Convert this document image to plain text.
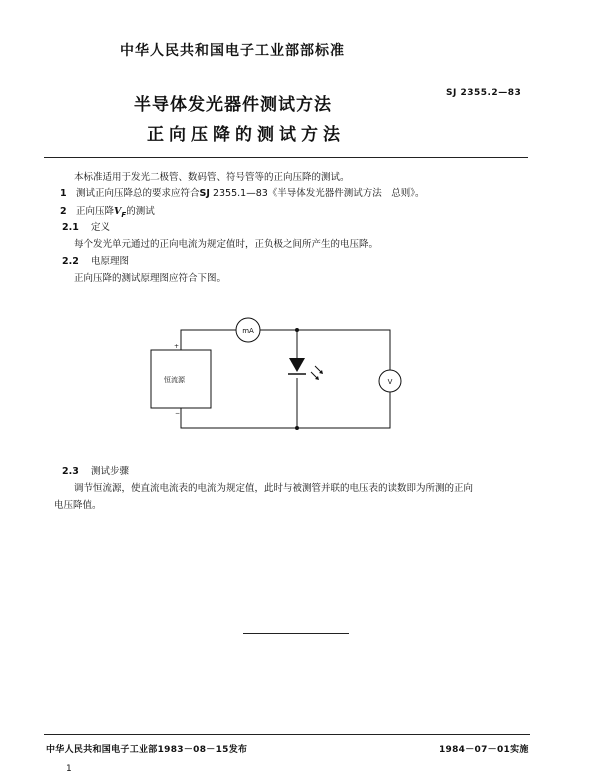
中华人民共和国电子工业部部标准
半导体发光器件测试方法
正向压降的测试方法
SJ 2355.2—83
本标准适用于发光二极管、数码管、符号管等的正向压降的测试。
1 测试正向压降总的要求应符合SJ 2355.1—83《半导体发光器件测试方法　总则》。
2 正向压降$V_F$的测试
2.1 定义
每个发光单元通过的正向电流为规定值时，正负极之间所产生的电压降。
2.2 电原理图
正向压降的测试原理图应符合下图。
恒流源
+
−
mA
V
2.3 测试步骤
调节恒流源，使直流电流表的电流为规定值，此时与被测管并联的电压表的读数即为所测的正向
电压降值。
中华人民共和国电子工业部1983－08－15发布	1984－07－01实施
1
